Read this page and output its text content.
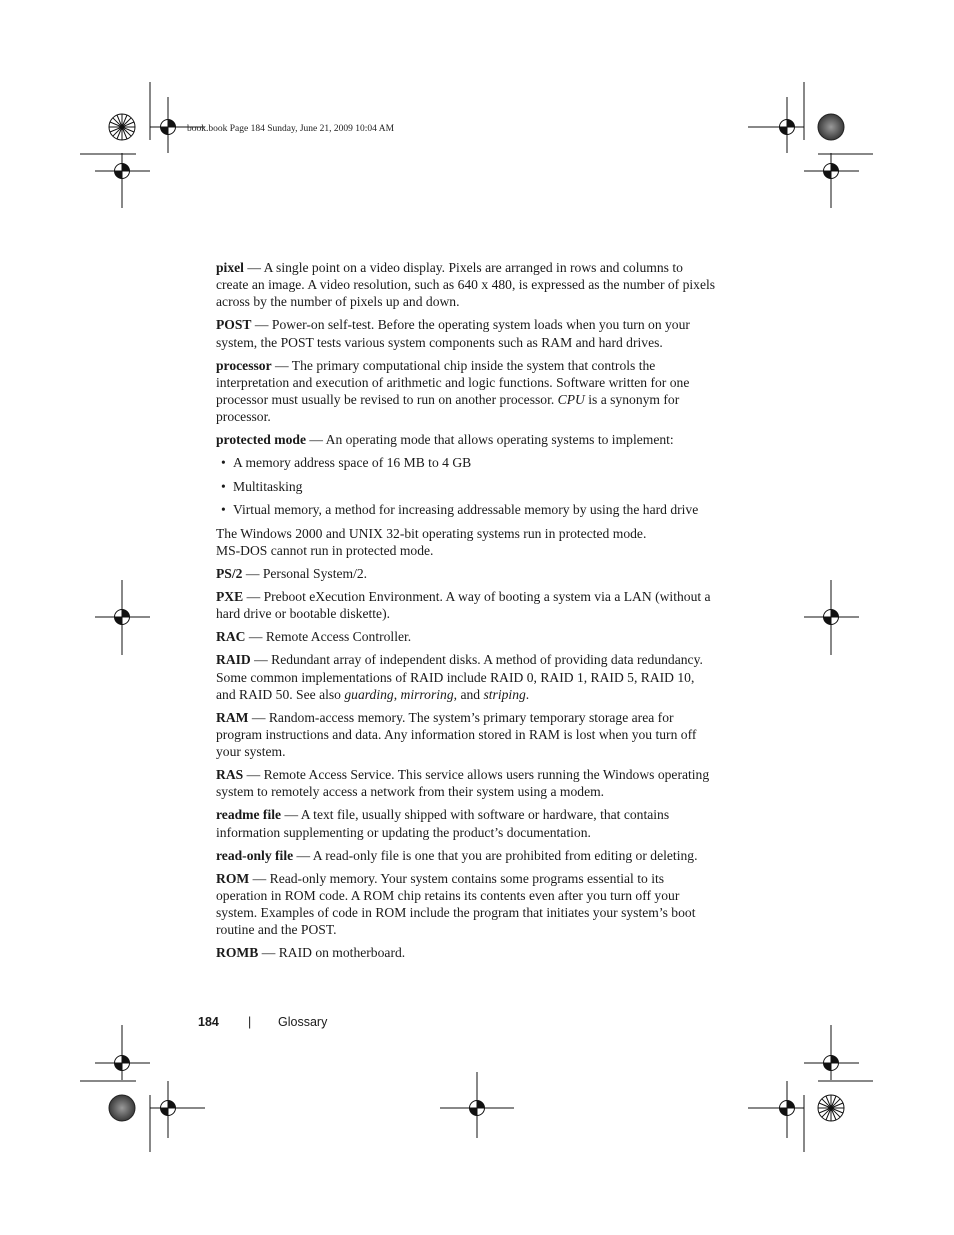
book.book Page 184 Sunday, June 21, 2009 10:04 AM

pixel — A single point on a video display. Pixels are arranged in rows and columns to create an image. A video resolution, such as 640 x 480, is expressed as the number of pixels across by the number of pixels up and down.

POST — Power-on self-test. Before the operating system loads when you turn on your system, the POST tests various system components such as RAM and hard drives.

processor — The primary computational chip inside the system that controls the interpretation and execution of arithmetic and logic functions. Software written for one processor must usually be revised to run on another processor. CPU is a synonym for processor.

protected mode — An operating mode that allows operating systems to implement:

• A memory address space of 16 MB to 4 GB
• Multitasking
• Virtual memory, a method for increasing addressable memory by using the hard drive

The Windows 2000 and UNIX 32-bit operating systems run in protected mode.
MS-DOS cannot run in protected mode.

PS/2 — Personal System/2.

PXE — Preboot eXecution Environment. A way of booting a system via a LAN (without a hard drive or bootable diskette).

RAC — Remote Access Controller.

RAID — Redundant array of independent disks. A method of providing data redundancy. Some common implementations of RAID include RAID 0, RAID 1, RAID 5, RAID 10, and RAID 50. See also guarding, mirroring, and striping.

RAM — Random-access memory. The system’s primary temporary storage area for program instructions and data. Any information stored in RAM is lost when you turn off your system.

RAS — Remote Access Service. This service allows users running the Windows operating system to remotely access a network from their system using a modem.

readme file — A text file, usually shipped with software or hardware, that contains information supplementing or updating the product’s documentation.

read-only file — A read-only file is one that you are prohibited from editing or deleting.

ROM — Read-only memory. Your system contains some programs essential to its operation in ROM code. A ROM chip retains its contents even after you turn off your system. Examples of code in ROM include the program that initiates your system’s boot routine and the POST.

ROMB — RAID on motherboard.

184 | Glossary
